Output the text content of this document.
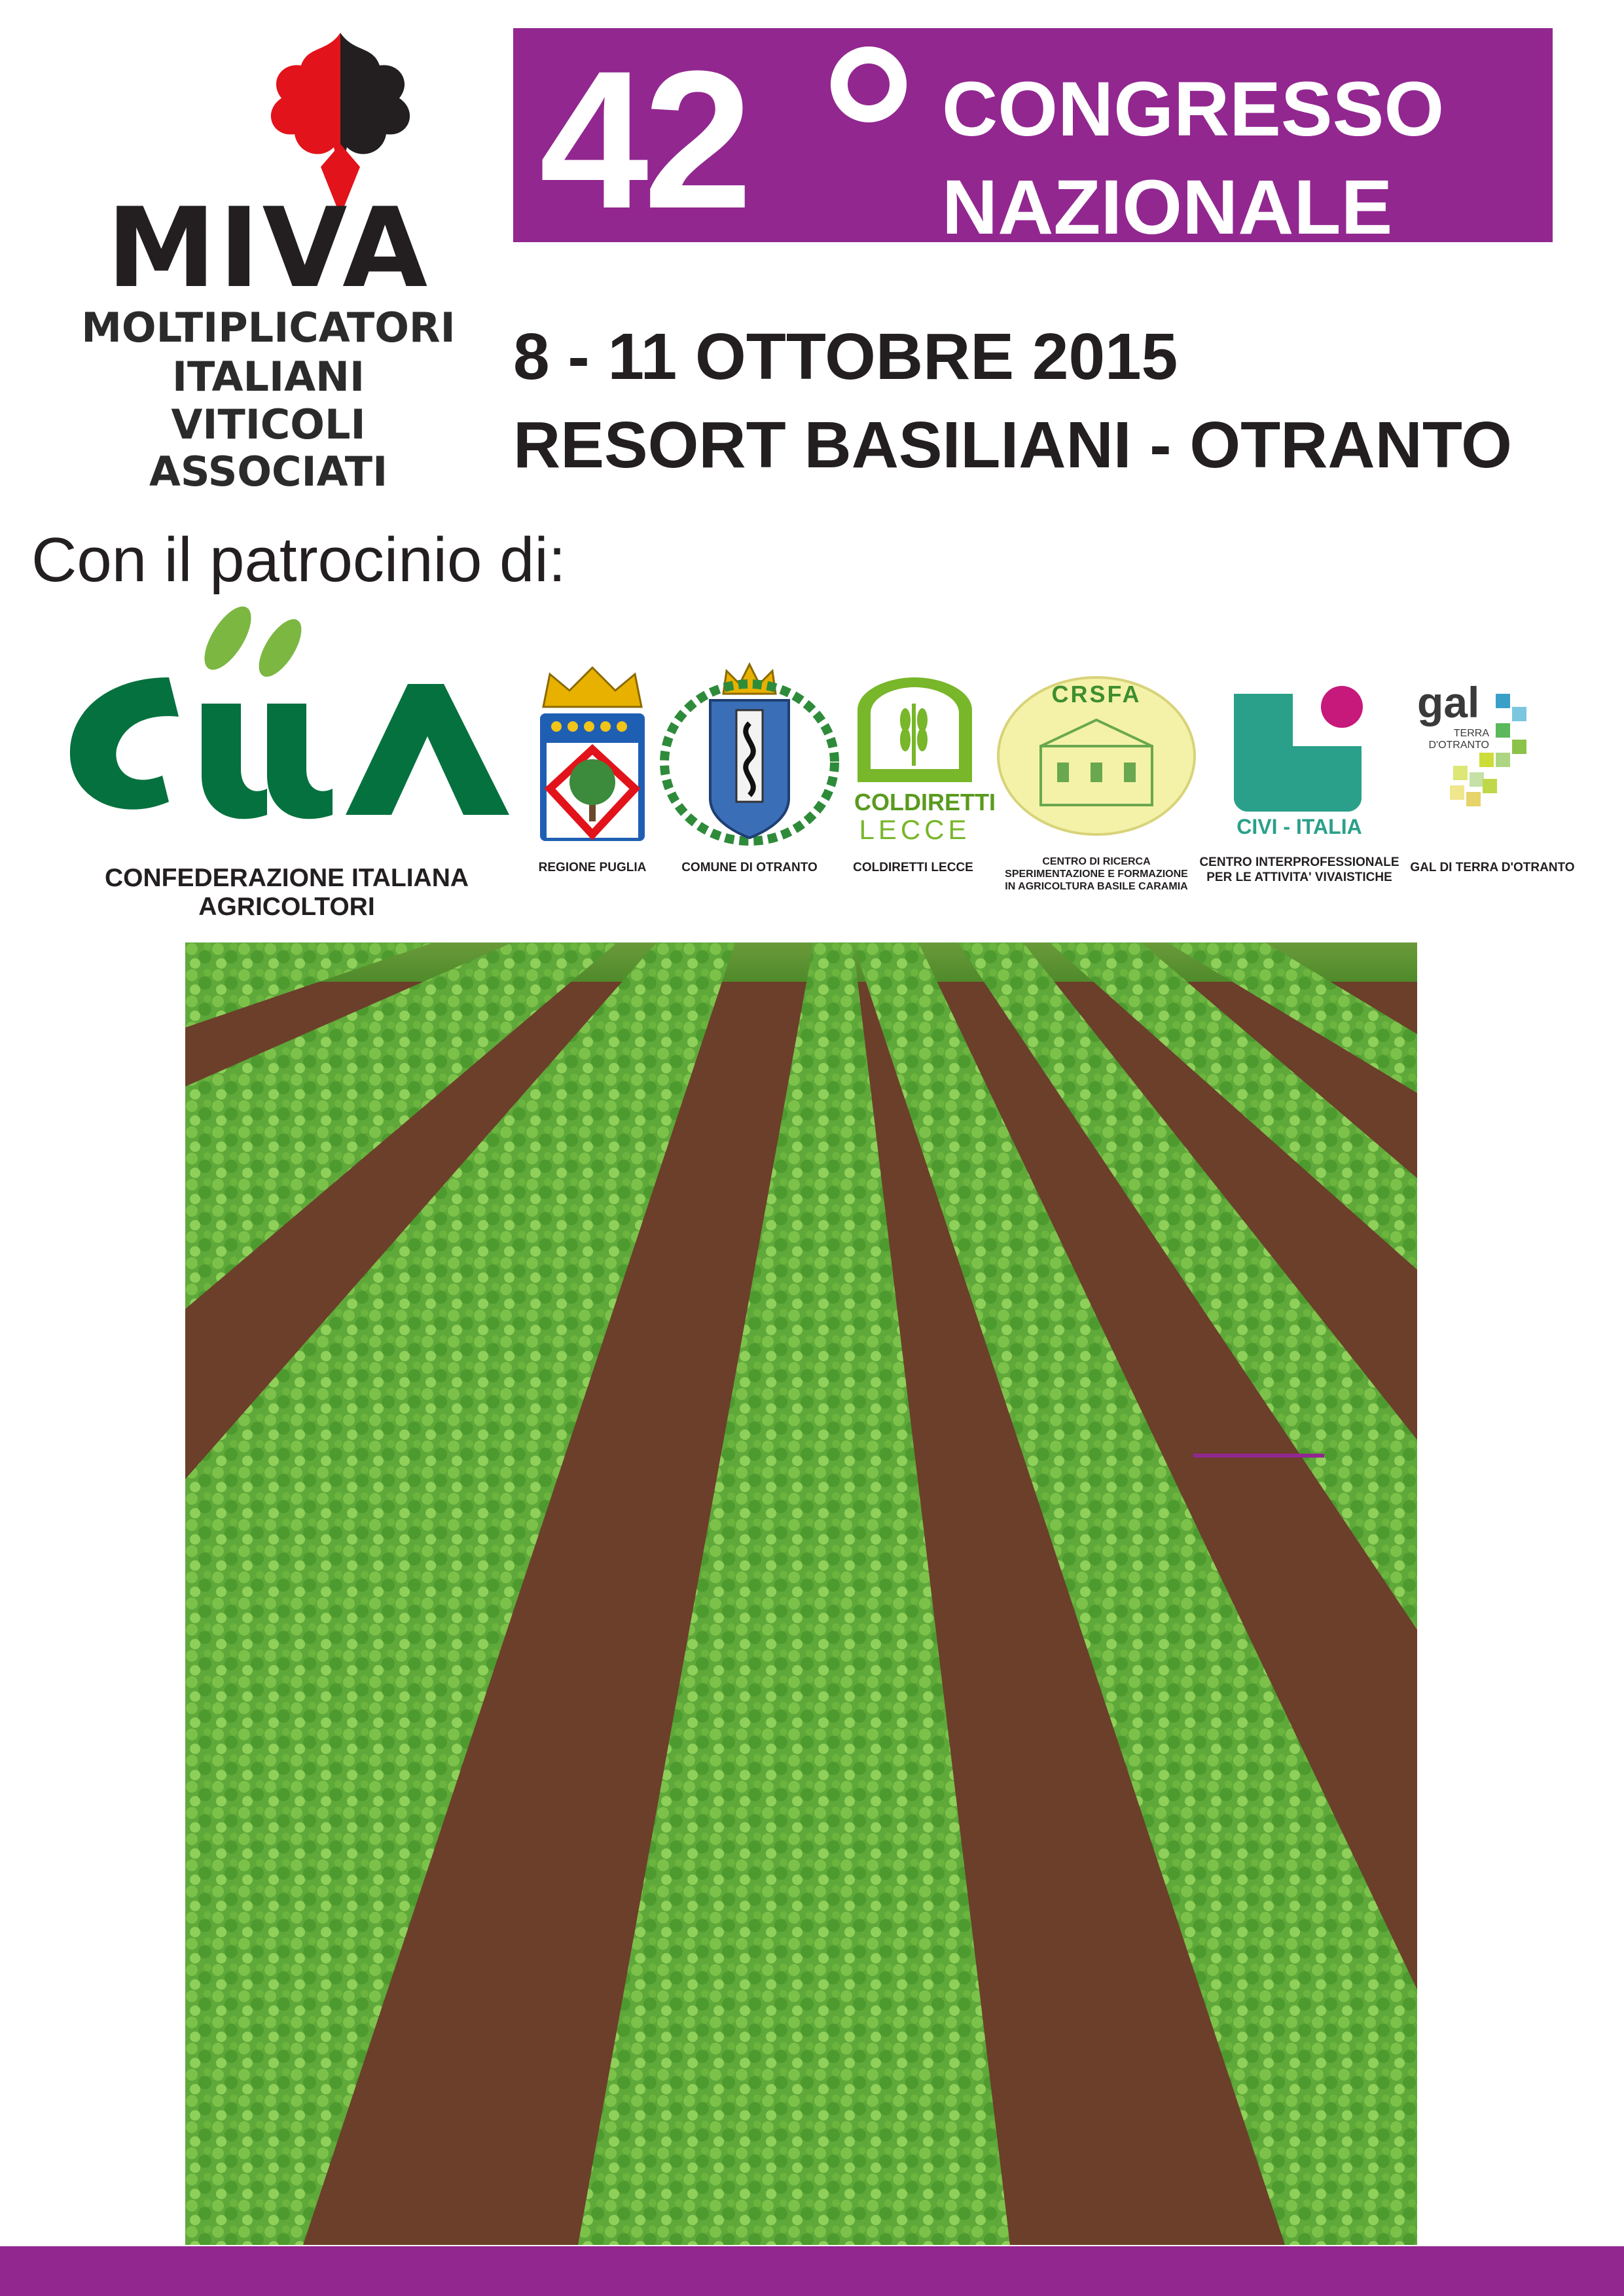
MIVA
MOLTIPLICATORI
ITALIANI
VITICOLI
ASSOCIATI
42	CONGRESSO
NAZIONALE
8 - 11 OTTOBRE 2015
RESORT BASILIANI - OTRANTO
Con il patrocinio di:
CONFEDERAZIONE ITALIANA AGRICOLTORI
REGIONE PUGLIA	COMUNE DI OTRANTO
COLDIRETTI
LECCE
COLDIRETTI LECCE
CRSFA
CENTRO DI RICERCA SPERIMENTAZIONE E FORMAZIONE IN AGRICOLTURA BASILE CARAMIA
CIVI - ITALIA
CENTRO INTERPROFESSIONALE PER LE ATTIVITA' VIVAISTICHE
gal
TERRA D'OTRANTO
GAL DI TERRA D'OTRANTO
